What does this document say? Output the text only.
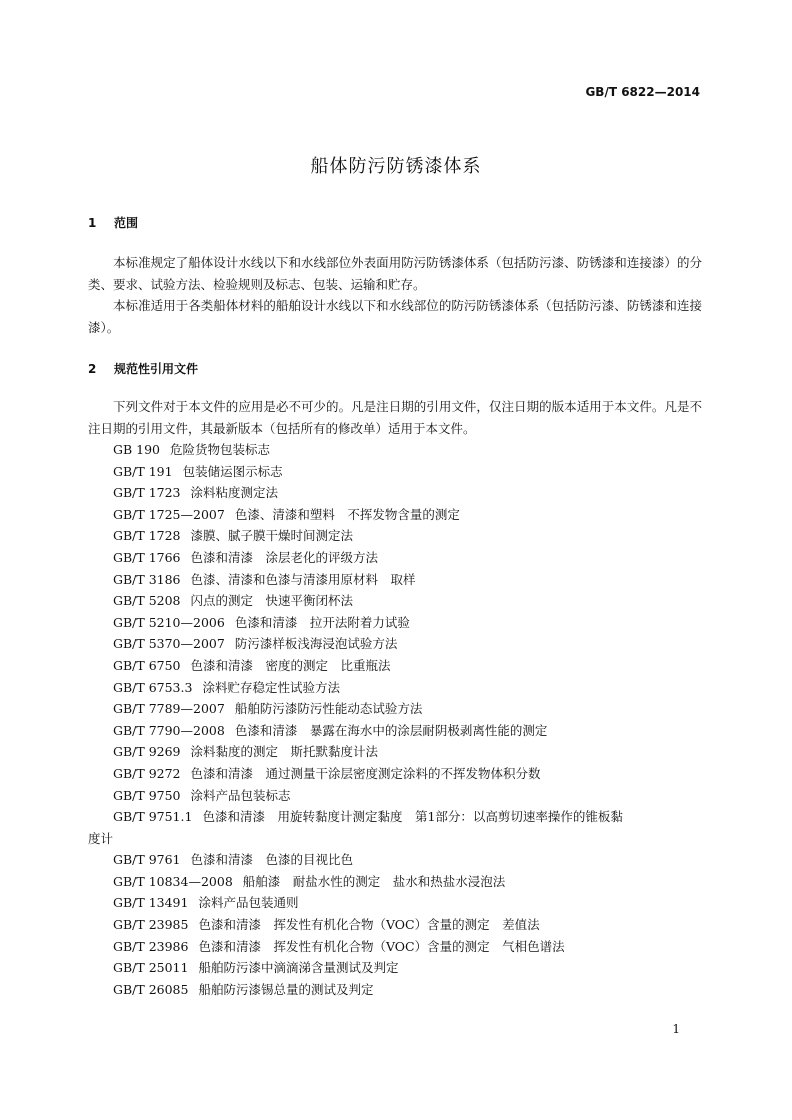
GB/T 6822—2014
船体防污防锈漆体系
1 范围

本标准规定了船体设计水线以下和水线部位外表面用防污防锈漆体系（包括防污漆、防锈漆和连接漆）的分类、要求、试验方法、检验规则及标志、包装、运输和贮存。

本标准适用于各类船体材料的船舶设计水线以下和水线部位的防污防锈漆体系（包括防污漆、防锈漆和连接漆）。

2 规范性引用文件

下列文件对于本文件的应用是必不可少的。凡是注日期的引用文件，仅注日期的版本适用于本文件。凡是不注日期的引用文件，其最新版本（包括所有的修改单）适用于本文件。

GB 190 危险货物包装标志
GB/T 191 包装储运图示标志
GB/T 1723 涂料粘度测定法
GB/T 1725—2007 色漆、清漆和塑料　不挥发物含量的测定
GB/T 1728 漆膜、腻子膜干燥时间测定法
GB/T 1766 色漆和清漆　涂层老化的评级方法
GB/T 3186 色漆、清漆和色漆与清漆用原材料　取样
GB/T 5208 闪点的测定　快速平衡闭杯法
GB/T 5210—2006 色漆和清漆　拉开法附着力试验
GB/T 5370—2007 防污漆样板浅海浸泡试验方法
GB/T 6750 色漆和清漆　密度的测定　比重瓶法
GB/T 6753.3 涂料贮存稳定性试验方法
GB/T 7789—2007 船舶防污漆防污性能动态试验方法
GB/T 7790—2008 色漆和清漆　暴露在海水中的涂层耐阴极剥离性能的测定
GB/T 9269 涂料黏度的测定　斯托默黏度计法
GB/T 9272 色漆和清漆　通过测量干涂层密度测定涂料的不挥发物体积分数
GB/T 9750 涂料产品包装标志
GB/T 9751.1 色漆和清漆　用旋转黏度计测定黏度　第1部分：以高剪切速率操作的锥板黏
度计
GB/T 9761 色漆和清漆　色漆的目视比色
GB/T 10834—2008 船舶漆　耐盐水性的测定　盐水和热盐水浸泡法
GB/T 13491 涂料产品包装通则
GB/T 23985 色漆和清漆　挥发性有机化合物（VOC）含量的测定　差值法
GB/T 23986 色漆和清漆　挥发性有机化合物（VOC）含量的测定　气相色谱法
GB/T 25011 船舶防污漆中滴滴涕含量测试及判定
GB/T 26085 船舶防污漆锡总量的测试及判定
1
